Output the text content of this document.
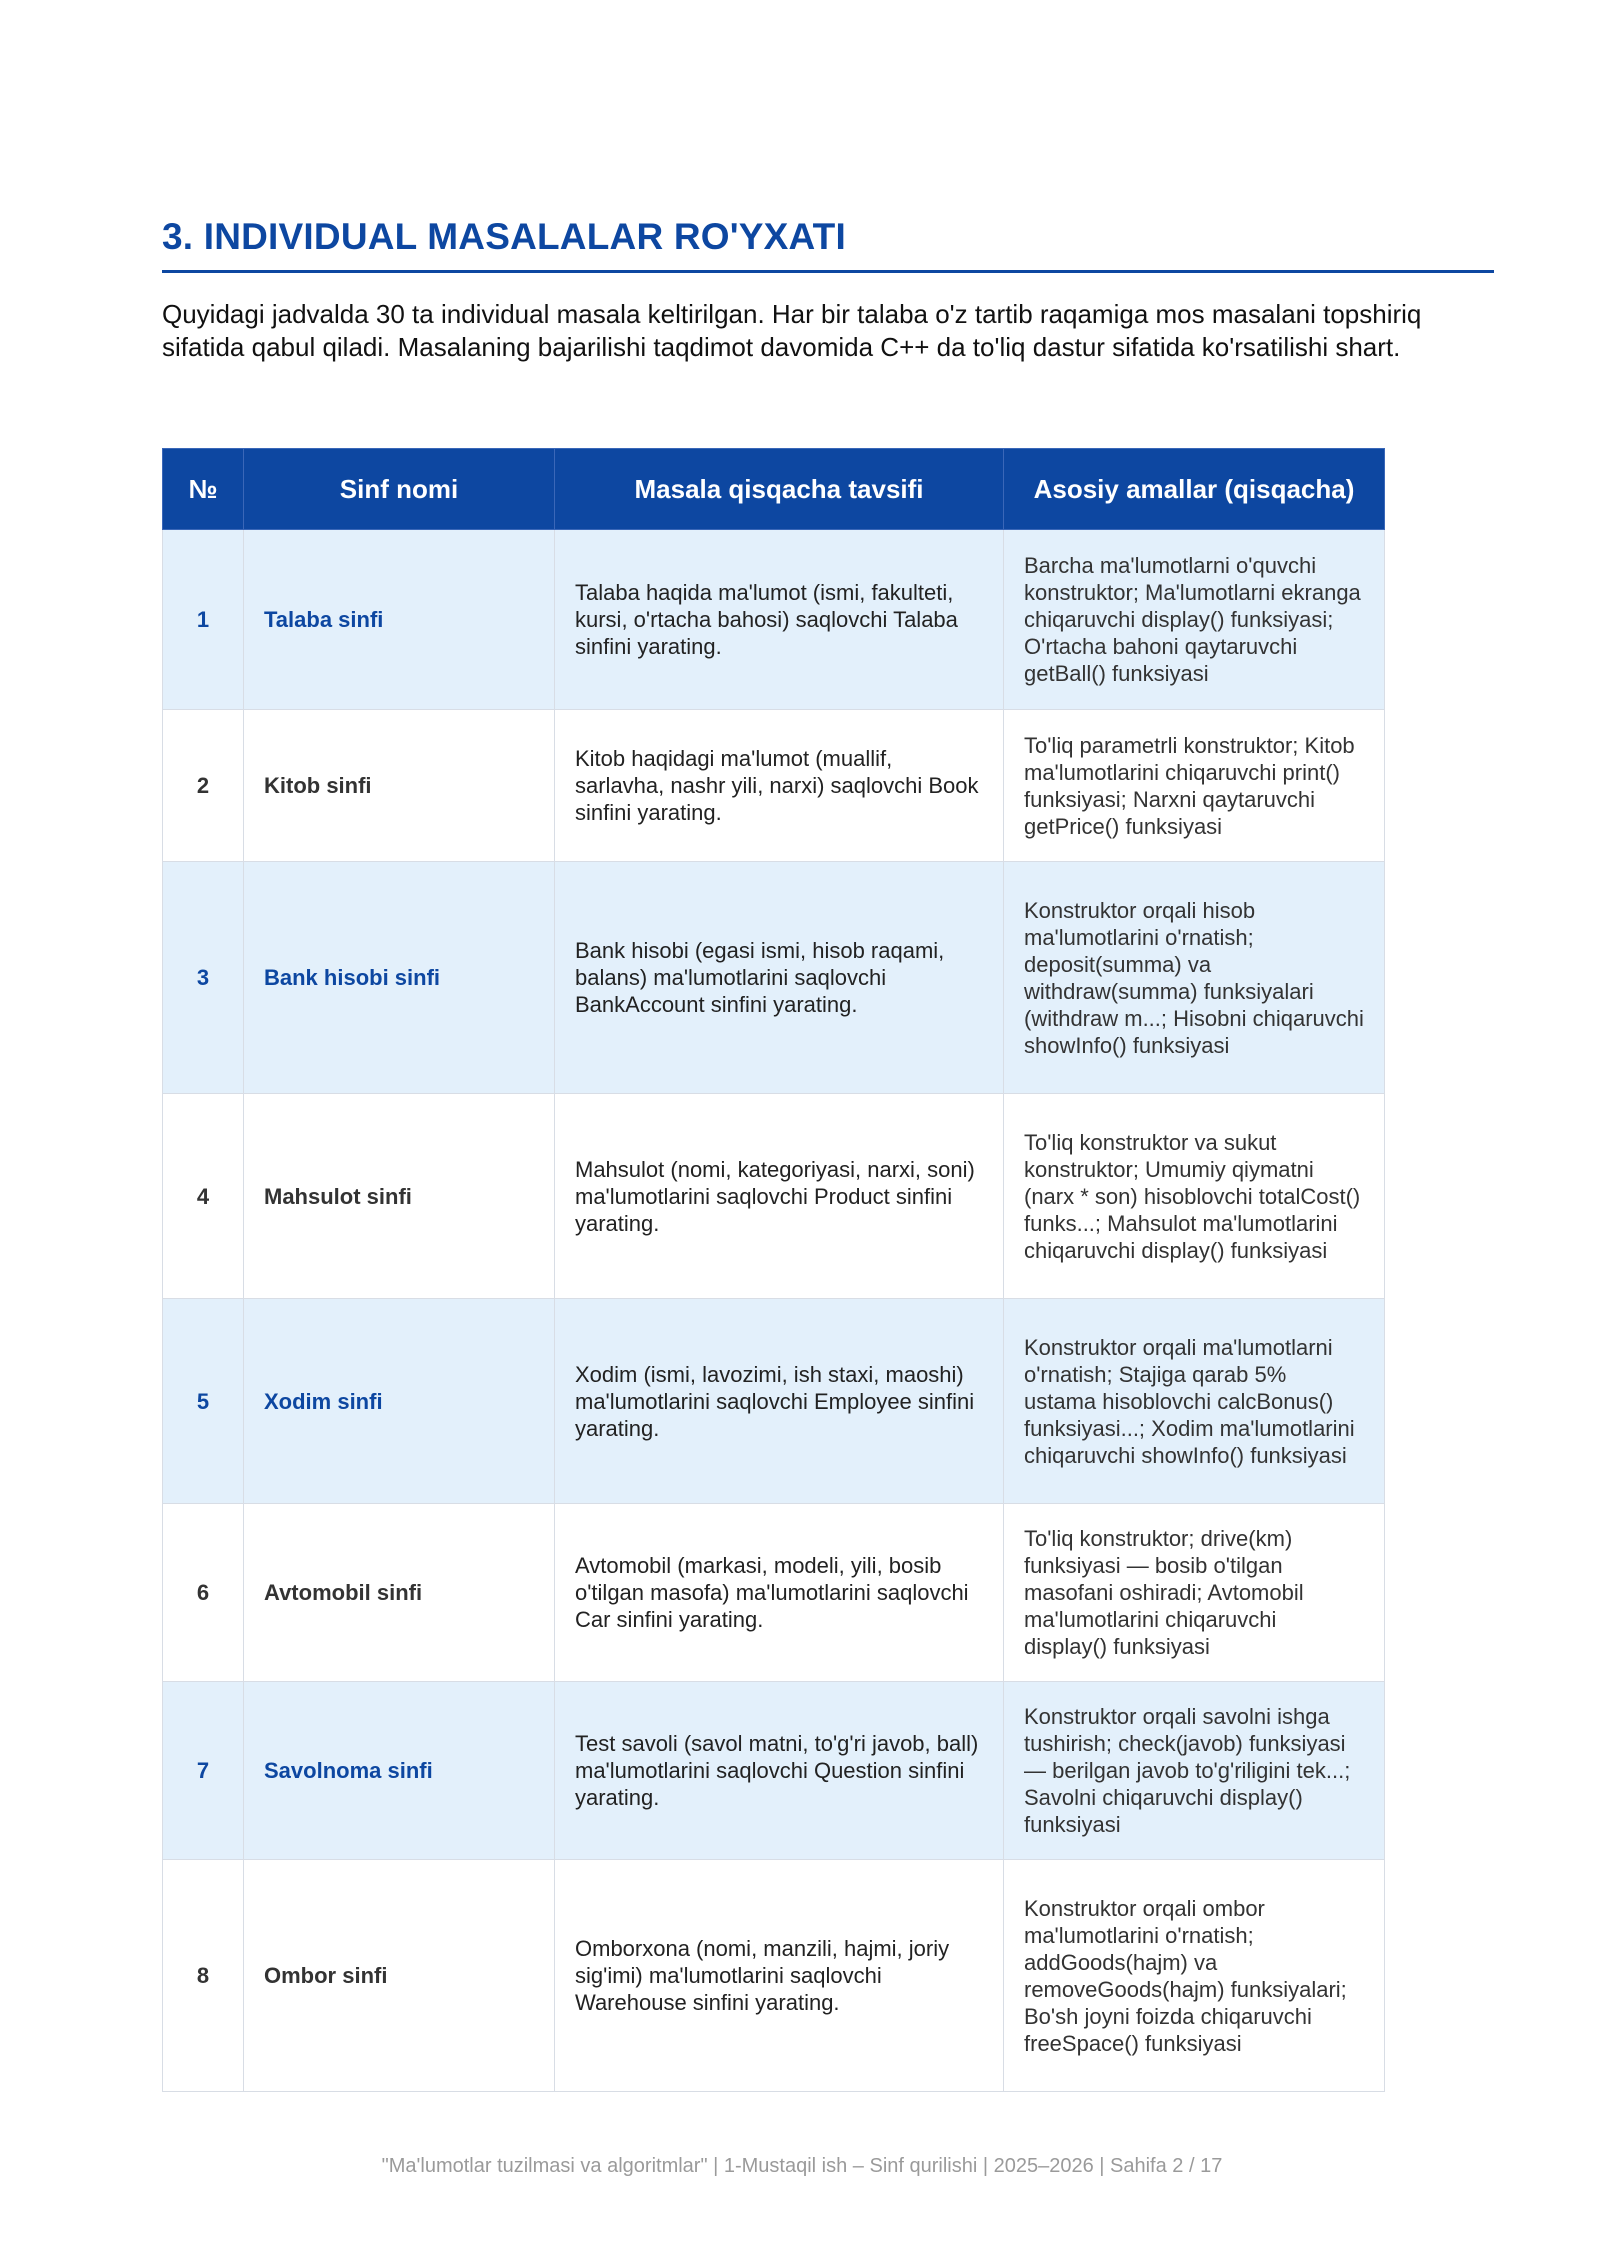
3. INDIVIDUAL MASALALAR RO'YXATI

Quyidagi jadvalda 30 ta individual masala keltirilgan. Har bir talaba o'z tartib raqamiga mos masalani topshiriq sifatida qabul qiladi. Masalaning bajarilishi taqdimot davomida C++ da to'liq dastur sifatida ko'rsatilishi shart.

№	Sinf nomi	Masala qisqacha tavsifi	Asosiy amallar (qisqacha)
1	Talaba sinfi	Talaba haqida ma'lumot (ismi, fakulteti, kursi, o'rtacha bahosi) saqlovchi Talaba sinfini yarating.	Barcha ma'lumotlarni o'quvchi konstruktor; Ma'lumotlarni ekranga chiqaruvchi display() funksiyasi; O'rtacha bahoni qaytaruvchi getBall() funksiyasi
2	Kitob sinfi	Kitob haqidagi ma'lumot (muallif, sarlavha, nashr yili, narxi) saqlovchi Book sinfini yarating.	To'liq parametrli konstruktor; Kitob ma'lumotlarini chiqaruvchi print() funksiyasi; Narxni qaytaruvchi getPrice() funksiyasi
3	Bank hisobi sinfi	Bank hisobi (egasi ismi, hisob raqami, balans) ma'lumotlarini saqlovchi BankAccount sinfini yarating.	Konstruktor orqali hisob ma'lumotlarini o'rnatish; deposit(summa) va withdraw(summa) funksiyalari (withdraw m...; Hisobni chiqaruvchi showInfo() funksiyasi
4	Mahsulot sinfi	Mahsulot (nomi, kategoriyasi, narxi, soni) ma'lumotlarini saqlovchi Product sinfini yarating.	To'liq konstruktor va sukut konstruktor; Umumiy qiymatni (narx * son) hisoblovchi totalCost() funks...; Mahsulot ma'lumotlarini chiqaruvchi display() funksiyasi
5	Xodim sinfi	Xodim (ismi, lavozimi, ish staxi, maoshi) ma'lumotlarini saqlovchi Employee sinfini yarating.	Konstruktor orqali ma'lumotlarni o'rnatish; Stajiga qarab 5% ustama hisoblovchi calcBonus() funksiyasi...; Xodim ma'lumotlarini chiqaruvchi showInfo() funksiyasi
6	Avtomobil sinfi	Avtomobil (markasi, modeli, yili, bosib o'tilgan masofa) ma'lumotlarini saqlovchi Car sinfini yarating.	To'liq konstruktor; drive(km) funksiyasi — bosib o'tilgan masofani oshiradi; Avtomobil ma'lumotlarini chiqaruvchi display() funksiyasi
7	Savolnoma sinfi	Test savoli (savol matni, to'g'ri javob, ball) ma'lumotlarini saqlovchi Question sinfini yarating.	Konstruktor orqali savolni ishga tushirish; check(javob) funksiyasi — berilgan javob to'g'riligini tek...; Savolni chiqaruvchi display() funksiyasi
8	Ombor sinfi	Omborxona (nomi, manzili, hajmi, joriy sig'imi) ma'lumotlarini saqlovchi Warehouse sinfini yarating.	Konstruktor orqali ombor ma'lumotlarini o'rnatish; addGoods(hajm) va removeGoods(hajm) funksiyalari; Bo'sh joyni foizda chiqaruvchi freeSpace() funksiyasi
"Ma'lumotlar tuzilmasi va algoritmlar" | 1-Mustaqil ish – Sinf qurilishi | 2025–2026 | Sahifa 2 / 17
